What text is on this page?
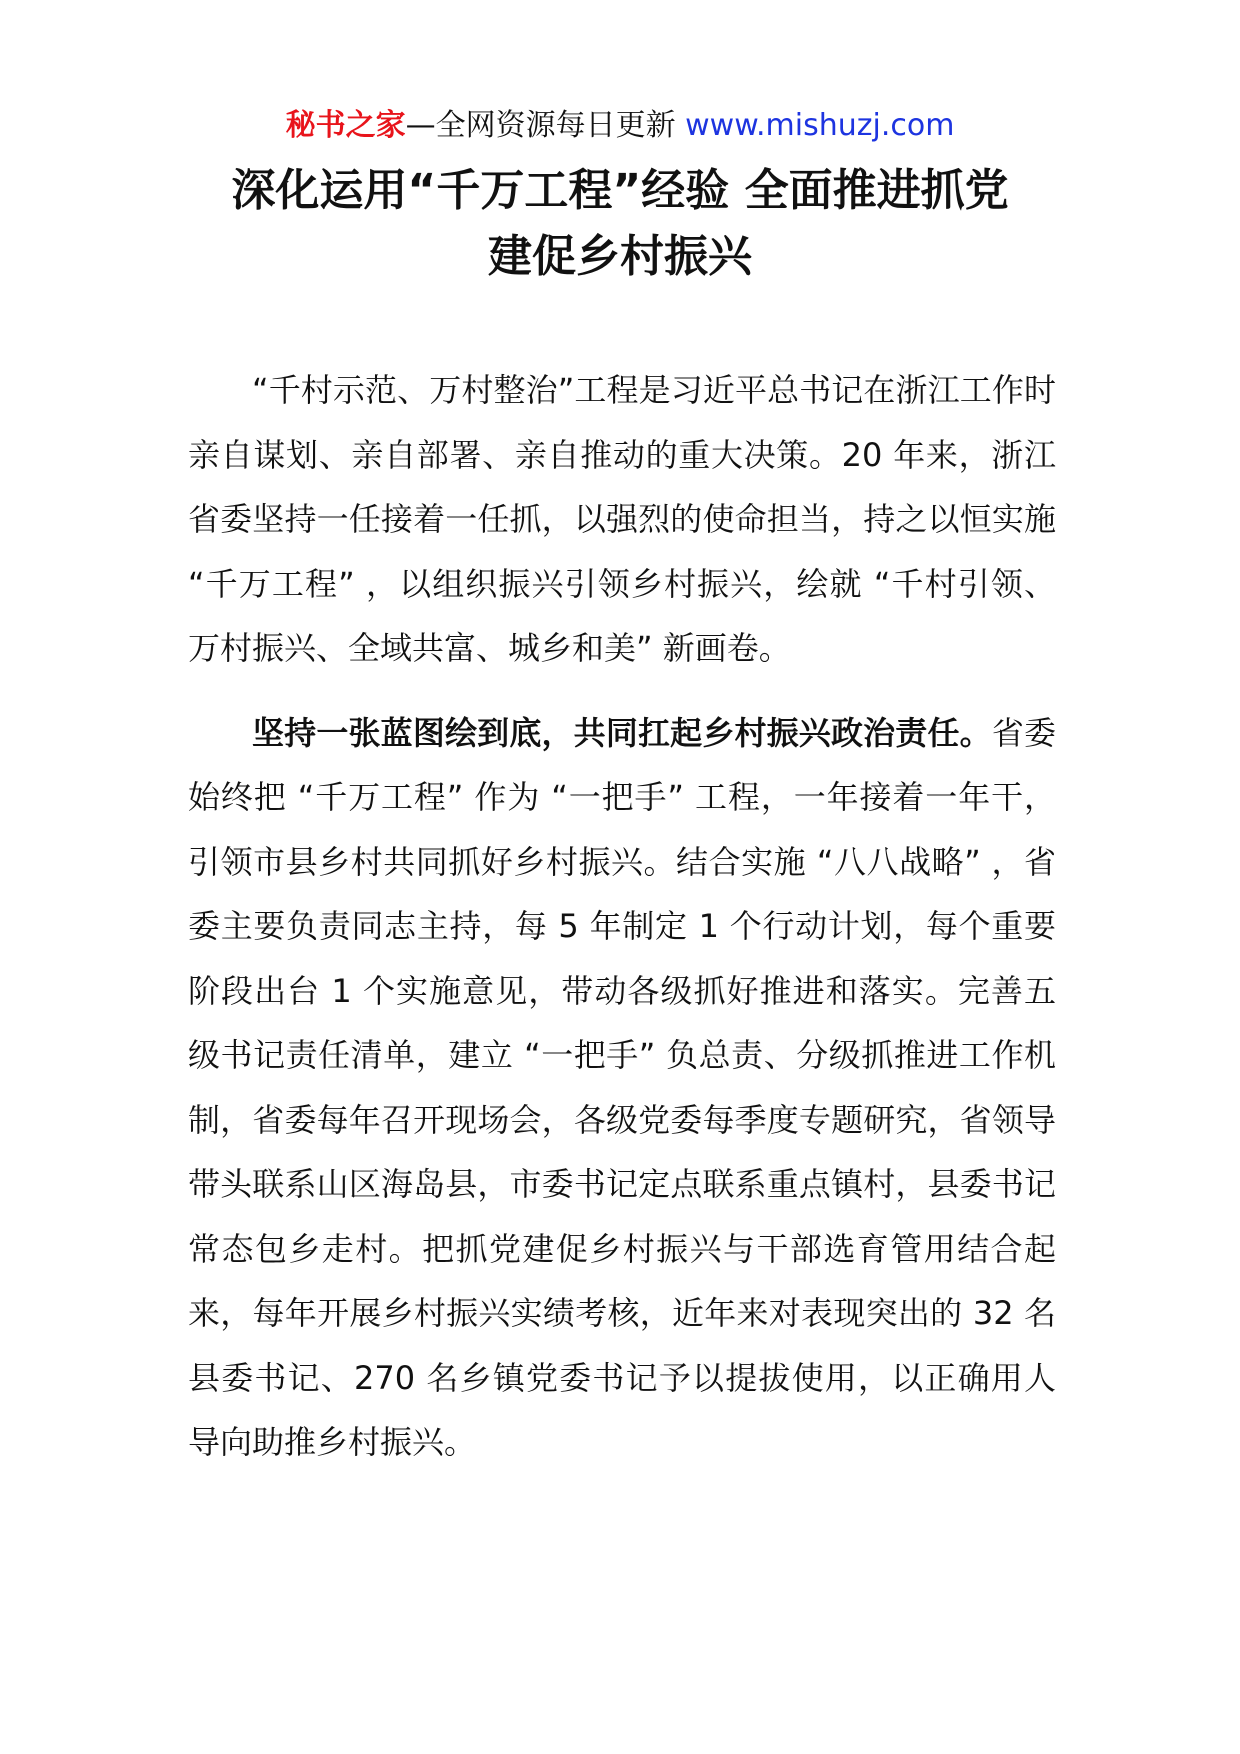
秘书之家—全网资源每日更新 www.mishuzj.com
深化运用“千万工程”经验 全面推进抓党
建促乡村振兴

“千村示范、万村整治”工程是习近平总书记在浙江工作时亲自谋划、亲自部署、亲自推动的重大决策。20 年来，浙江省委坚持一任接着一任抓，以强烈的使命担当，持之以恒实施 “千万工程” ，以组织振兴引领乡村振兴，绘就 “千村引领、万村振兴、全域共富、城乡和美” 新画卷。

坚持一张蓝图绘到底，共同扛起乡村振兴政治责任。省委始终把 “千万工程” 作为 “一把手” 工程，一年接着一年干，引领市县乡村共同抓好乡村振兴。结合实施 “八八战略” ，省委主要负责同志主持，每 5 年制定 1 个行动计划，每个重要阶段出台 1 个实施意见，带动各级抓好推进和落实。完善五级书记责任清单，建立 “一把手” 负总责、分级抓推进工作机制，省委每年召开现场会，各级党委每季度专题研究，省领导带头联系山区海岛县，市委书记定点联系重点镇村，县委书记常态包乡走村。把抓党建促乡村振兴与干部选育管用结合起来，每年开展乡村振兴实绩考核，近年来对表现突出的 32 名县委书记、270 名乡镇党委书记予以提拔使用，以正确用人导向助推乡村振兴。
